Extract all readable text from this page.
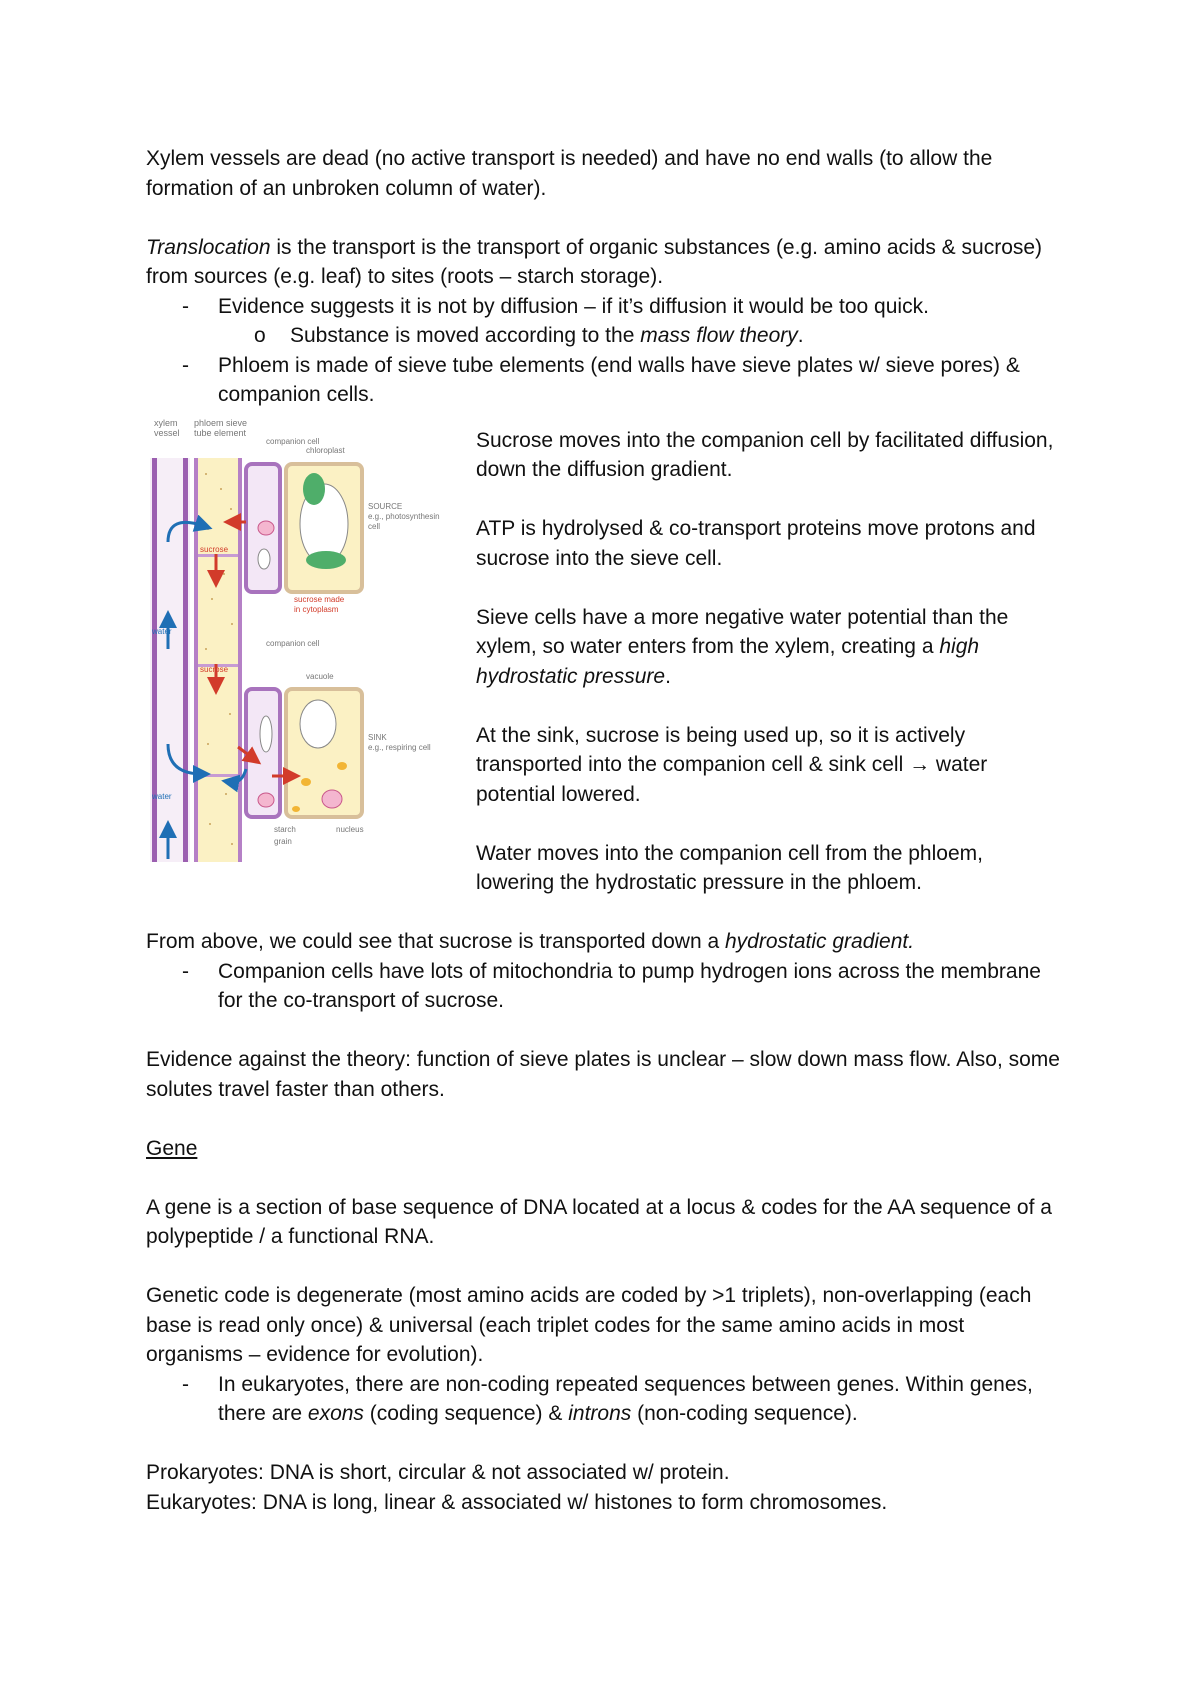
Xylem vessels are dead (no active transport is needed) and have no end walls (to allow the formation of an unbroken column of water).

Translocation is the transport is the transport of organic substances (e.g. amino acids & sucrose) from sources (e.g. leaf) to sites (roots – starch storage).

- Evidence suggests it is not by diffusion – if it’s diffusion it would be too quick.
o Substance is moved according to the mass flow theory.
- Phloem is made of sieve tube elements (end walls have sieve plates w/ sieve pores) & companion cells.
xylem
vessel
phloem sieve
tube element
companion cell
chloroplast
sucrose
sucrose
water
water
sucrose made
in cytoplasm
companion cell
vacuole
SOURCE
e.g., photosynthesin
cell
SINK
e.g., respiring cell
starch
grain
nucleus

Sucrose moves into the companion cell by facilitated diffusion, down the diffusion gradient.

ATP is hydrolysed & co-transport proteins move protons and sucrose into the sieve cell.

Sieve cells have a more negative water potential than the xylem, so water enters from the xylem, creating a high hydrostatic pressure.

At the sink, sucrose is being used up, so it is actively transported into the companion cell & sink cell → water potential lowered.

Water moves into the companion cell from the phloem, lowering the hydrostatic pressure in the phloem.

From above, we could see that sucrose is transported down a hydrostatic gradient.

- Companion cells have lots of mitochondria to pump hydrogen ions across the membrane for the co-transport of sucrose.

Evidence against the theory: function of sieve plates is unclear – slow down mass flow. Also, some solutes travel faster than others.

Gene

A gene is a section of base sequence of DNA located at a locus & codes for the AA sequence of a polypeptide / a functional RNA.

Genetic code is degenerate (most amino acids are coded by >1 triplets), non-overlapping (each base is read only once) & universal (each triplet codes for the same amino acids in most organisms – evidence for evolution).

- In eukaryotes, there are non-coding repeated sequences between genes. Within genes, there are exons (coding sequence) & introns (non-coding sequence).

Prokaryotes: DNA is short, circular & not associated w/ protein.

Eukaryotes: DNA is long, linear & associated w/ histones to form chromosomes.
